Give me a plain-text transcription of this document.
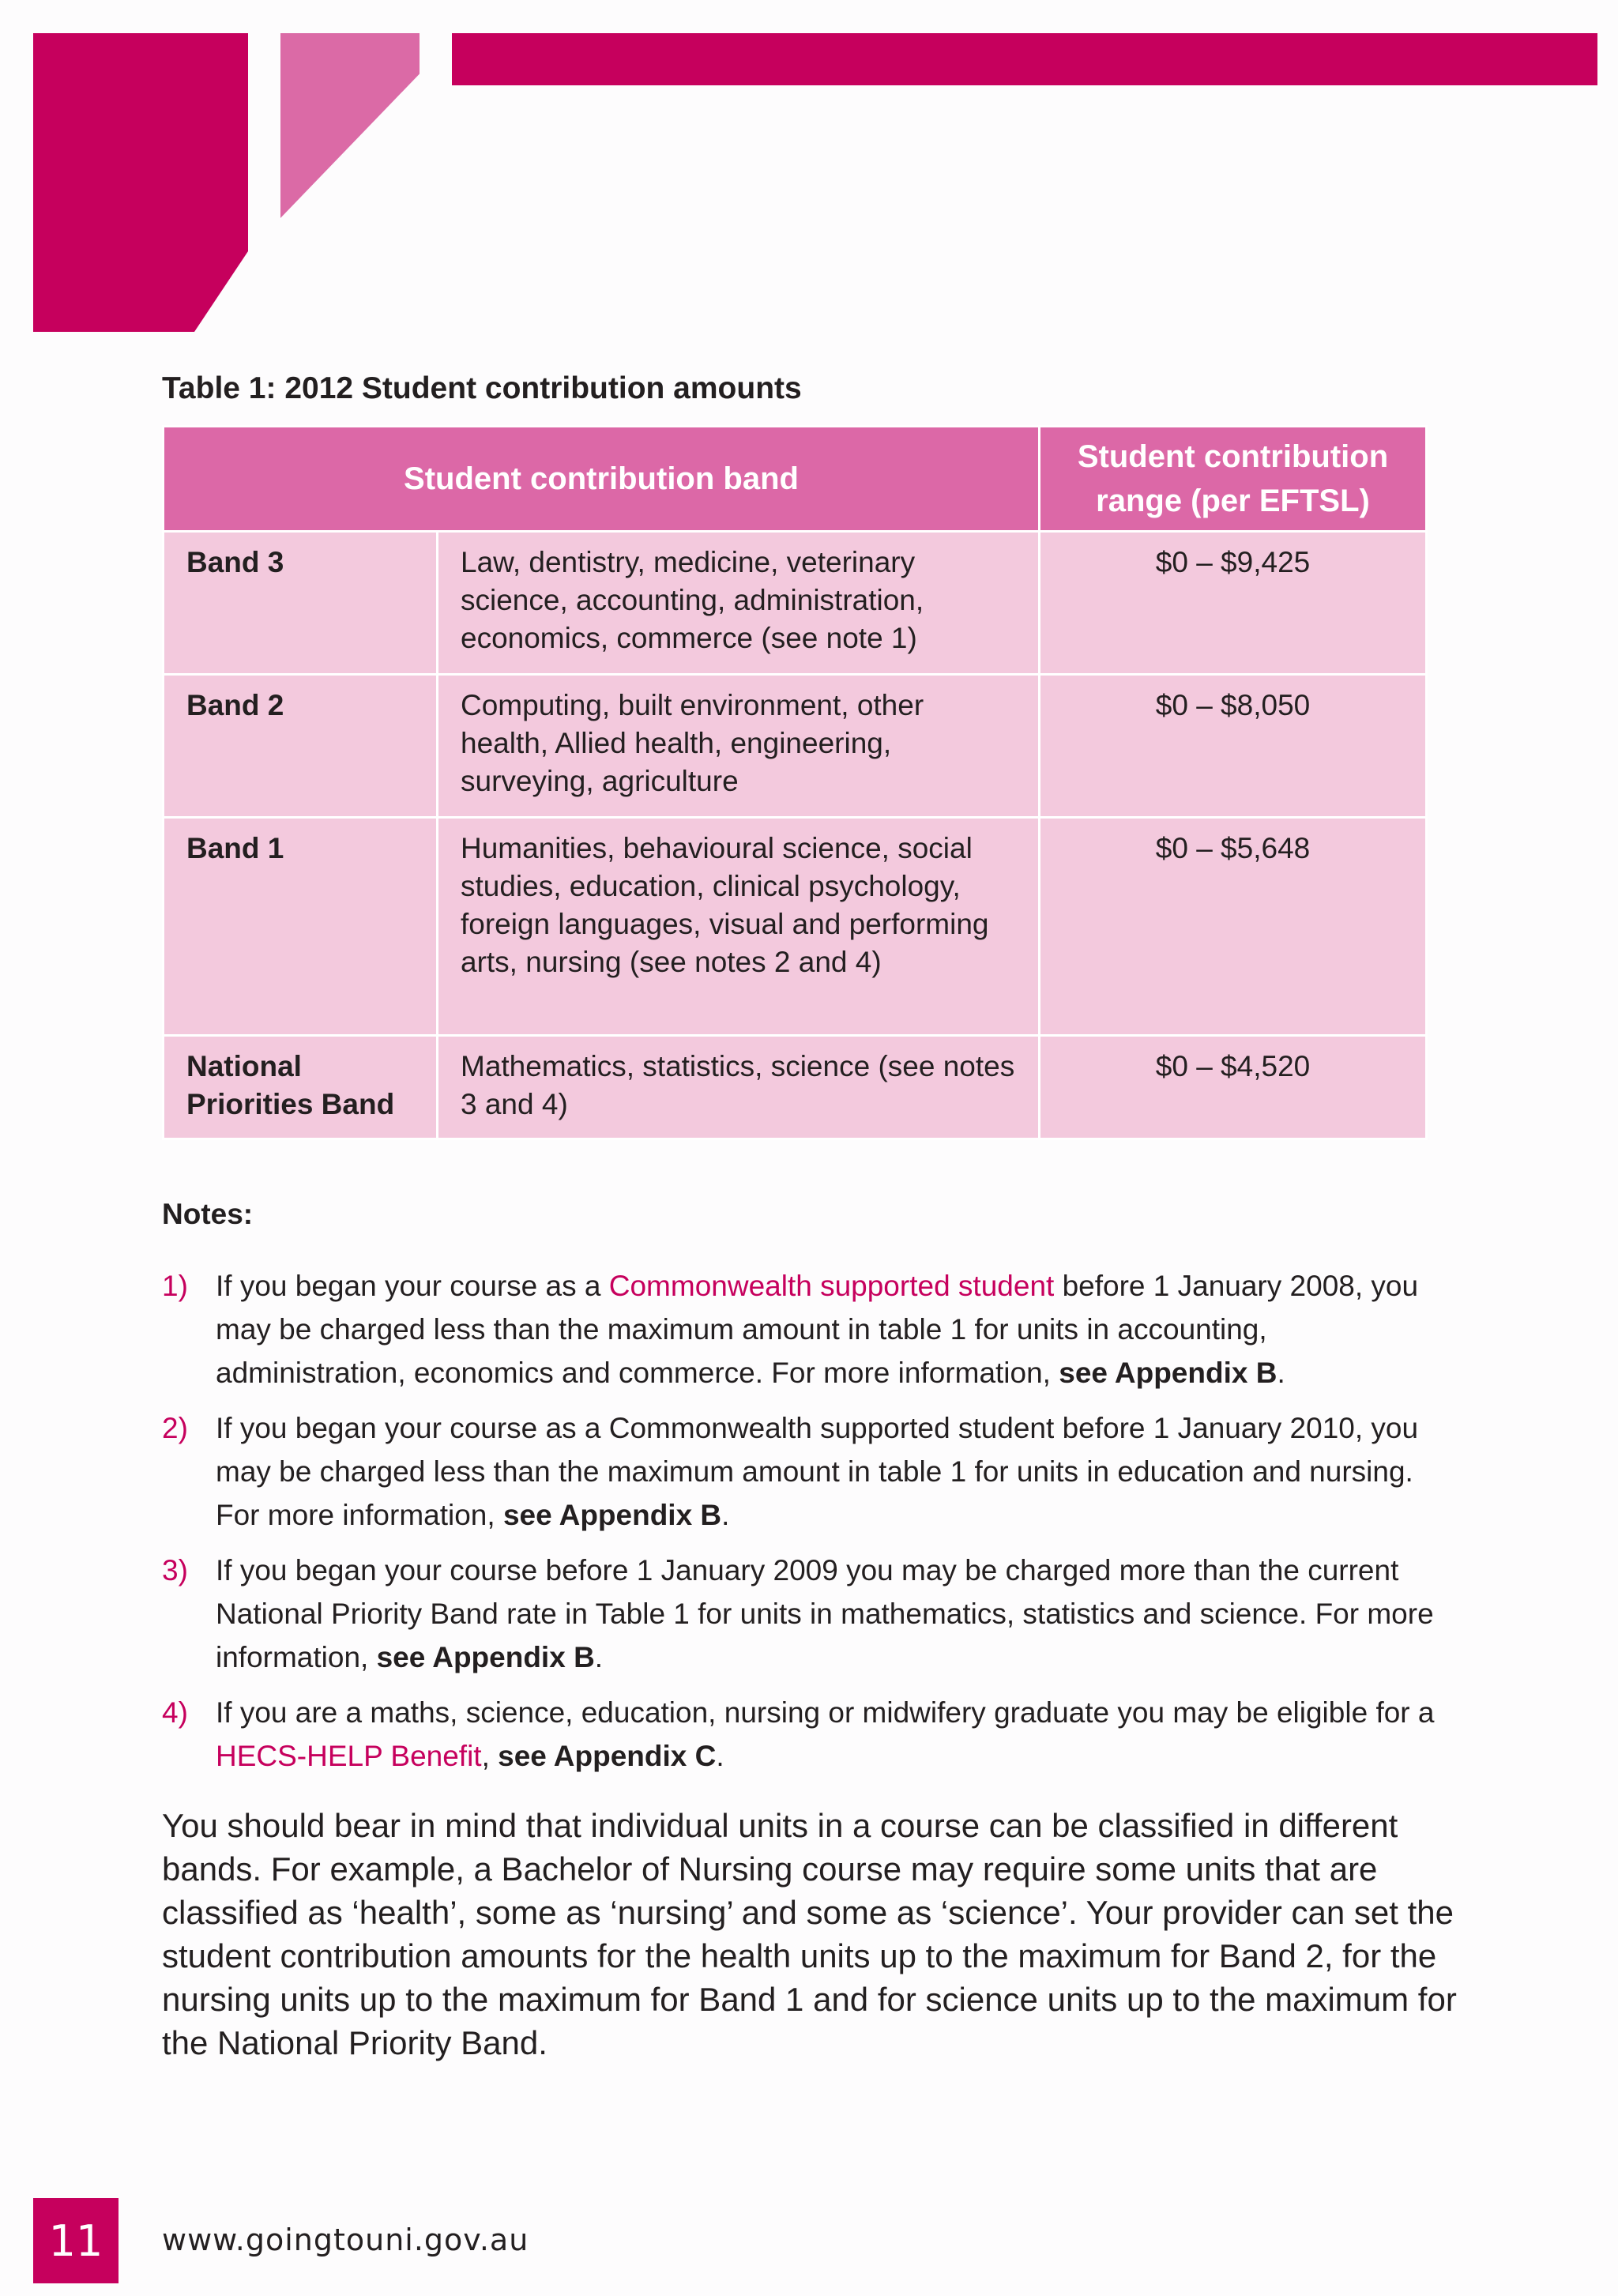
Table 1: 2012 Student contribution amounts
Student contribution band		Student contribution
range (per EFTSL)
Band 3	Law, dentistry, medicine, veterinary science, accounting, administration, economics, commerce (see note 1)	$0 – $9,425
Band 2	Computing, built environment, other health, Allied health, engineering, surveying, agriculture	$0 – $8,050
Band 1	Humanities, behavioural science, social studies, education, clinical psychology, foreign languages, visual and performing arts, nursing (see notes 2 and 4)	$0 – $5,648
National
Priorities Band	Mathematics, statistics, science (see notes 3 and 4)	$0 – $4,520
Notes:
1) If you began your course as a Commonwealth supported student before 1 January 2008, you may be charged less than the maximum amount in table 1 for units in accounting, administration, economics and commerce. For more information, see Appendix B.
2) If you began your course as a Commonwealth supported student before 1 January 2010, you may be charged less than the maximum amount in table 1 for units in education and nursing. For more information, see Appendix B.
3) If you began your course before 1 January 2009 you may be charged more than the current National Priority Band rate in Table 1 for units in mathematics, statistics and science. For more information, see Appendix B.
4) If you are a maths, science, education, nursing or midwifery graduate you may be eligible for a HECS-HELP Benefit, see Appendix C.

You should bear in mind that individual units in a course can be classified in different bands. For example, a Bachelor of Nursing course may require some units that are classified as ‘health’, some as ‘nursing’ and some as ‘science’. Your provider can set the student contribution amounts for the health units up to the maximum for Band 2, for the nursing units up to the maximum for Band 1 and for science units up to the maximum for the National Priority Band.

11	www.goingtouni.gov.au
